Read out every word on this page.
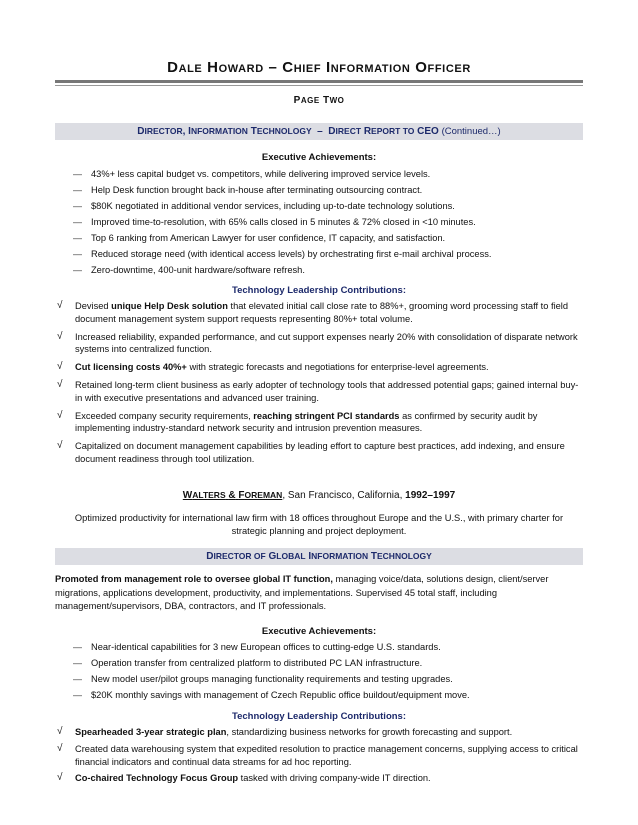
DALE HOWARD – CHIEF INFORMATION OFFICER
PAGE TWO
DIRECTOR, INFORMATION TECHNOLOGY – DIRECT REPORT TO CEO (Continued…)
Executive Achievements:
— 43%+ less capital budget vs. competitors, while delivering improved service levels.
— Help Desk function brought back in-house after terminating outsourcing contract.
— $80K negotiated in additional vendor services, including up-to-date technology solutions.
— Improved time-to-resolution, with 65% calls closed in 5 minutes & 72% closed in <10 minutes.
— Top 6 ranking from American Lawyer for user confidence, IT capacity, and satisfaction.
— Reduced storage need (with identical access levels) by orchestrating first e-mail archival process.
— Zero-downtime, 400-unit hardware/software refresh.
Technology Leadership Contributions:
√ Devised unique Help Desk solution that elevated initial call close rate to 88%+, grooming word processing staff to field document management system support requests representing 80%+ total volume.
√ Increased reliability, expanded performance, and cut support expenses nearly 20% with consolidation of disparate network systems into centralized function.
√ Cut licensing costs 40%+ with strategic forecasts and negotiations for enterprise-level agreements.
√ Retained long-term client business as early adopter of technology tools that addressed potential gaps; gained internal buy-in with executive presentations and advanced user training.
√ Exceeded company security requirements, reaching stringent PCI standards as confirmed by security audit by implementing industry-standard network security and intrusion prevention measures.
√ Capitalized on document management capabilities by leading effort to capture best practices, add indexing, and ensure document readiness through tool utilization.
WALTERS & FOREMAN, San Francisco, California, 1992–1997
Optimized productivity for international law firm with 18 offices throughout Europe and the U.S., with primary charter for strategic planning and project deployment.
DIRECTOR OF GLOBAL INFORMATION TECHNOLOGY
Promoted from management role to oversee global IT function, managing voice/data, solutions design, client/server migrations, applications development, productivity, and implementations. Supervised 45 total staff, including management/supervisors, DBA, contractors, and IT professionals.
Executive Achievements:
— Near-identical capabilities for 3 new European offices to cutting-edge U.S. standards.
— Operation transfer from centralized platform to distributed PC LAN infrastructure.
— New model user/pilot groups managing functionality requirements and testing upgrades.
— $20K monthly savings with management of Czech Republic office buildout/equipment move.
Technology Leadership Contributions:
√ Spearheaded 3-year strategic plan, standardizing business networks for growth forecasting and support.
√ Created data warehousing system that expedited resolution to practice management concerns, supplying access to critical financial indicators and continual data streams for ad hoc reporting.
√ Co-chaired Technology Focus Group tasked with driving company-wide IT direction.
